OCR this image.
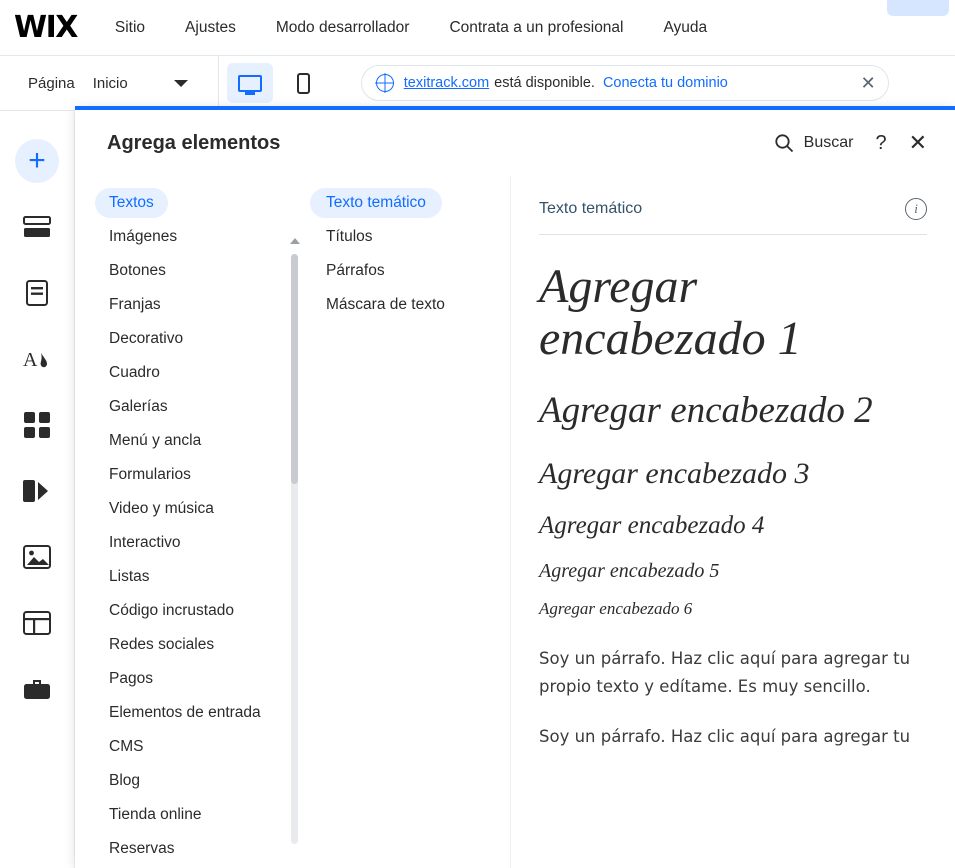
WIX	Sitio	Ajustes	Modo desarrollador	Contrata a un profesional	Ayuda
Página	Inicio	texitrack.com está disponible. Conecta tu dominio	✕
+
A
Agrega elementos	Buscar ? ✕
Textos
Imágenes
Botones
Franjas
Decorativo
Cuadro
Galerías
Menú y ancla
Formularios
Video y música
Interactivo
Listas
Código incrustado
Redes sociales
Pagos
Elementos de entrada
CMS
Blog
Tienda online
Reservas
Texto temático
Títulos
Párrafos
Máscara de texto
Texto temático	i
Agregar encabezado 1
Agregar encabezado 2
Agregar encabezado 3
Agregar encabezado 4
Agregar encabezado 5
Agregar encabezado 6
Soy un párrafo. Haz clic aquí para agregar tu propio texto y edítame. Es muy sencillo.
Soy un párrafo. Haz clic aquí para agregar tu
